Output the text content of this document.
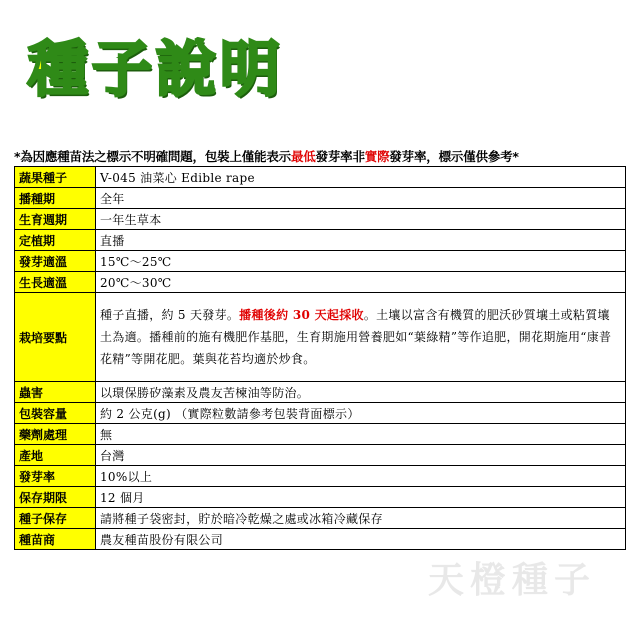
種子說明
*為因應種苗法之標示不明確問題，包裝上僅能表示最低發芽率非實際發芽率，標示僅供參考*
蔬果種子	V-045 油菜心 Edible rape
播種期	全年
生育週期	一年生草本
定植期	直播
發芽適溫	15℃～25℃
生長適溫	20℃～30℃
栽培要點	種子直播，約 5 天發芽。播種後約 30 天起採收。土壤以富含有機質的肥沃砂質壤土或粘質壤土為適。播種前的施有機肥作基肥，生育期施用營養肥如“葉綠精”等作追肥，開花期施用“康普花精”等開花肥。葉與花苔均適於炒食。
蟲害	以環保勝矽藻素及農友苦楝油等防治。
包裝容量	約 2 公克(g) （實際粒數請參考包裝背面標示）
藥劑處理	無
產地	台灣
發芽率	10%以上
保存期限	12 個月
種子保存	請將種子袋密封，貯於暗冷乾燥之處或冰箱冷藏保存
種苗商	農友種苗股份有限公司
天橙種子
